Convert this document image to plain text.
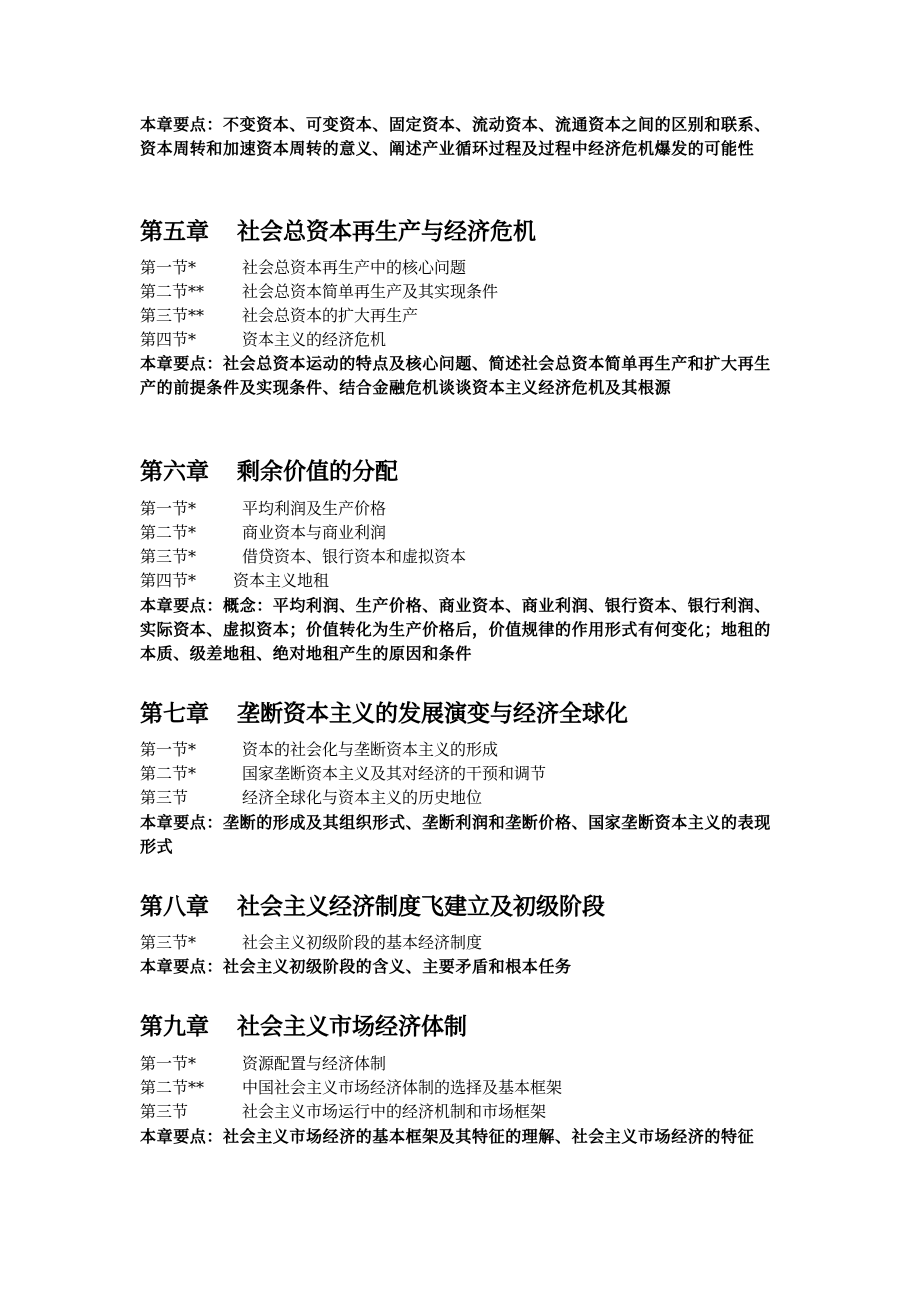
本章要点：不变资本、可变资本、固定资本、流动资本、流通资本之间的区别和联系、资本周转和加速资本周转的意义、阐述产业循环过程及过程中经济危机爆发的可能性

第五章 社会总资本再生产与经济危机
第一节*	社会总资本再生产中的核心问题
第二节** 社会总资本简单再生产及其实现条件
第三节** 社会总资本的扩大再生产
第四节*	资本主义的经济危机

本章要点：社会总资本运动的特点及核心问题、简述社会总资本简单再生产和扩大再生产的前提条件及实现条件、结合金融危机谈谈资本主义经济危机及其根源

第六章 剩余价值的分配
第一节*	平均利润及生产价格
第二节*	商业资本与商业利润
第三节*	借贷资本、银行资本和虚拟资本
第四节* 资本主义地租

本章要点：概念：平均利润、生产价格、商业资本、商业利润、银行资本、银行利润、实际资本、虚拟资本；价值转化为生产价格后，价值规律的作用形式有何变化；地租的本质、级差地租、绝对地租产生的原因和条件

第七章 垄断资本主义的发展演变与经济全球化
第一节*	资本的社会化与垄断资本主义的形成
第二节*	国家垄断资本主义及其对经济的干预和调节
第三节	经济全球化与资本主义的历史地位

本章要点：垄断的形成及其组织形式、垄断利润和垄断价格、国家垄断资本主义的表现形式

第八章 社会主义经济制度飞建立及初级阶段
第三节*	社会主义初级阶段的基本经济制度

本章要点：社会主义初级阶段的含义、主要矛盾和根本任务

第九章 社会主义市场经济体制
第一节*	资源配置与经济体制
第二节** 中国社会主义市场经济体制的选择及基本框架
第三节	社会主义市场运行中的经济机制和市场框架

本章要点：社会主义市场经济的基本框架及其特征的理解、社会主义市场经济的特征
